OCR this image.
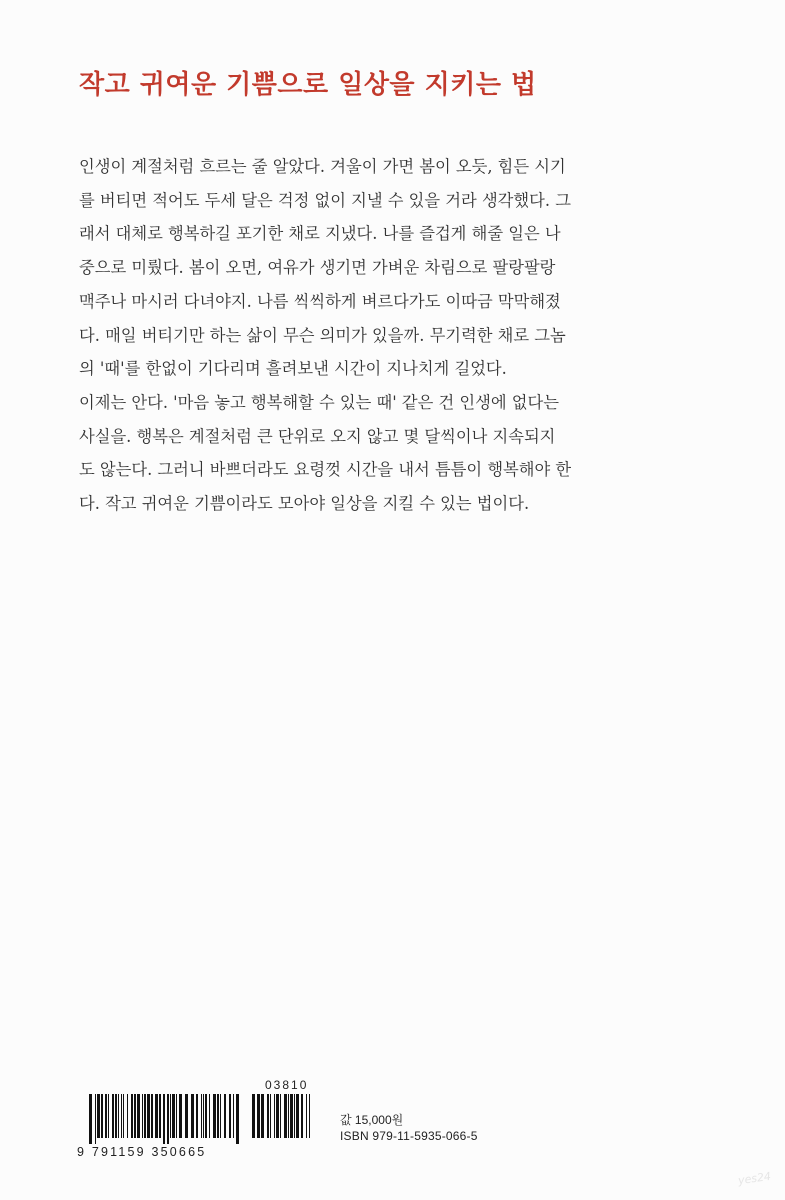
작고 귀여운 기쁨으로 일상을 지키는 법

인생이 계절처럼 흐르는 줄 알았다. 겨울이 가면 봄이 오듯, 힘든 시기
를 버티면 적어도 두세 달은 걱정 없이 지낼 수 있을 거라 생각했다. 그
래서 대체로 행복하길 포기한 채로 지냈다. 나를 즐겁게 해줄 일은 나
중으로 미뤘다. 봄이 오면, 여유가 생기면 가벼운 차림으로 팔랑팔랑
맥주나 마시러 다녀야지. 나름 씩씩하게 벼르다가도 이따금 막막해졌
다. 매일 버티기만 하는 삶이 무슨 의미가 있을까. 무기력한 채로 그놈
의 '때'를 한없이 기다리며 흘려보낸 시간이 지나치게 길었다.

이제는 안다. '마음 놓고 행복해할 수 있는 때' 같은 건 인생에 없다는
사실을. 행복은 계절처럼 큰 단위로 오지 않고 몇 달씩이나 지속되지
도 않는다. 그러니 바쁘더라도 요령껏 시간을 내서 틈틈이 행복해야 한
다. 작고 귀여운 기쁨이라도 모아야 일상을 지킬 수 있는 법이다.

03810
9 791159 350665
값 15,000원
ISBN 979-11-5935-066-5
yes24
